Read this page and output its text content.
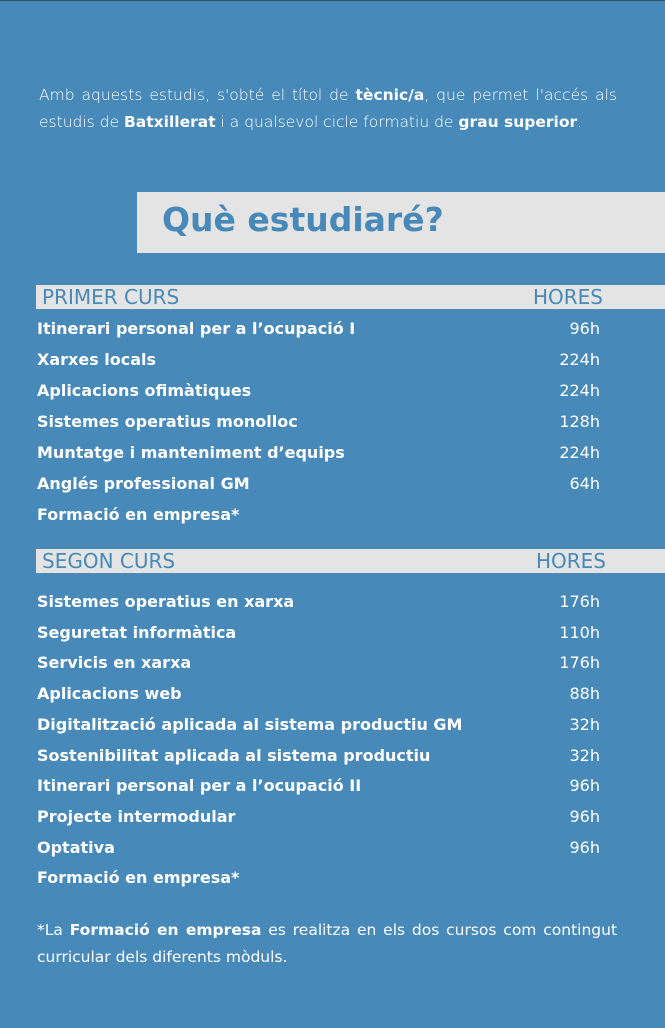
Amb aquests estudis, s'obté el títol de tècnic/a, que permet l'accés als estudis de Batxillerat i a qualsevol cicle formatiu de grau superior.

Què estudiaré?
PRIMER CURS	HORES
Itinerari personal per a l’ocupació I	96h
Xarxes locals	224h
Aplicacions ofimàtiques	224h
Sistemes operatius monolloc	128h
Muntatge i manteniment d’equips	224h
Anglés professional GM	64h
Formació en empresa*
SEGON CURS	HORES
Sistemes operatius en xarxa	176h
Seguretat informàtica	110h
Servicis en xarxa	176h
Aplicacions web	88h
Digitalització aplicada al sistema productiu GM	32h
Sostenibilitat aplicada al sistema productiu	32h
Itinerari personal per a l’ocupació II	96h
Projecte intermodular	96h
Optativa	96h
Formació en empresa*

*La Formació en empresa es realitza en els dos cursos com contingut curricular dels diferents mòduls.
